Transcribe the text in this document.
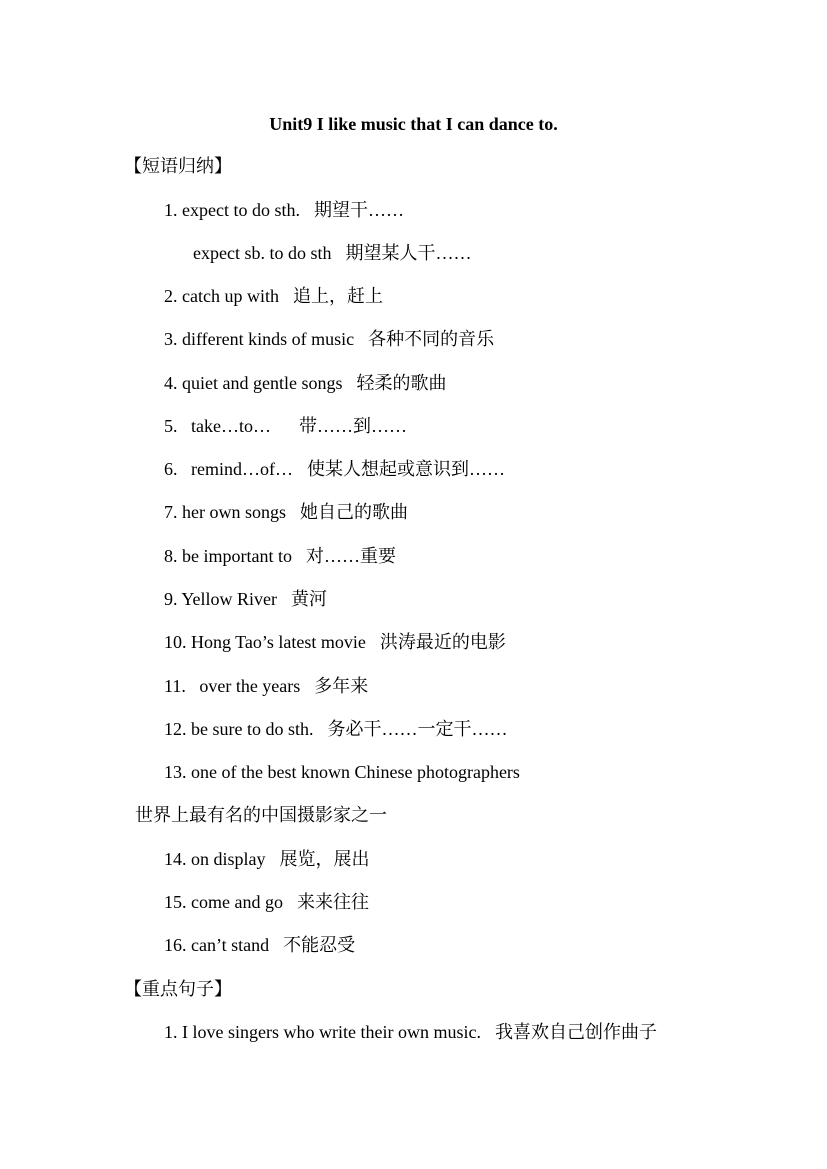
Unit9 I like music that I can dance to.
【短语归纳】
1. expect to do sth. 期望干……
expect sb. to do sth 期望某人干……
2. catch up with 追上，赶上
3. different kinds of music 各种不同的音乐
4. quiet and gentle songs 轻柔的歌曲
5.   take…to… 带……到……
6.   remind…of… 使某人想起或意识到……
7. her own songs 她自己的歌曲
8. be important to 对……重要
9. Yellow River 黄河
10. Hong Tao’s latest movie 洪涛最近的电影
11.   over the years 多年来
12. be sure to do sth. 务必干……一定干……
13. one of the best known Chinese photographers
世界上最有名的中国摄影家之一
14. on display 展览，展出
15. come and go 来来往往
16. can’t stand 不能忍受
【重点句子】
1. I love singers who write their own music. 我喜欢自己创作曲子
